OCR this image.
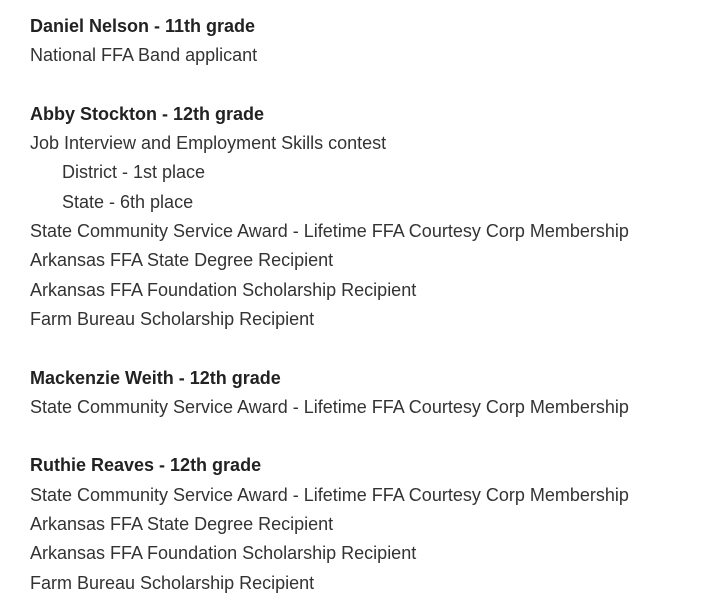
Daniel Nelson - 11th grade
National FFA Band applicant
Abby Stockton - 12th grade
Job Interview and Employment Skills contest
District - 1st place
State - 6th place
State Community Service Award - Lifetime FFA Courtesy Corp Membership
Arkansas FFA State Degree Recipient
Arkansas FFA Foundation Scholarship Recipient
Farm Bureau Scholarship Recipient
Mackenzie Weith - 12th grade
State Community Service Award - Lifetime FFA Courtesy Corp Membership
Ruthie Reaves - 12th grade
State Community Service Award - Lifetime FFA Courtesy Corp Membership
Arkansas FFA State Degree Recipient
Arkansas FFA Foundation Scholarship Recipient
Farm Bureau Scholarship Recipient
